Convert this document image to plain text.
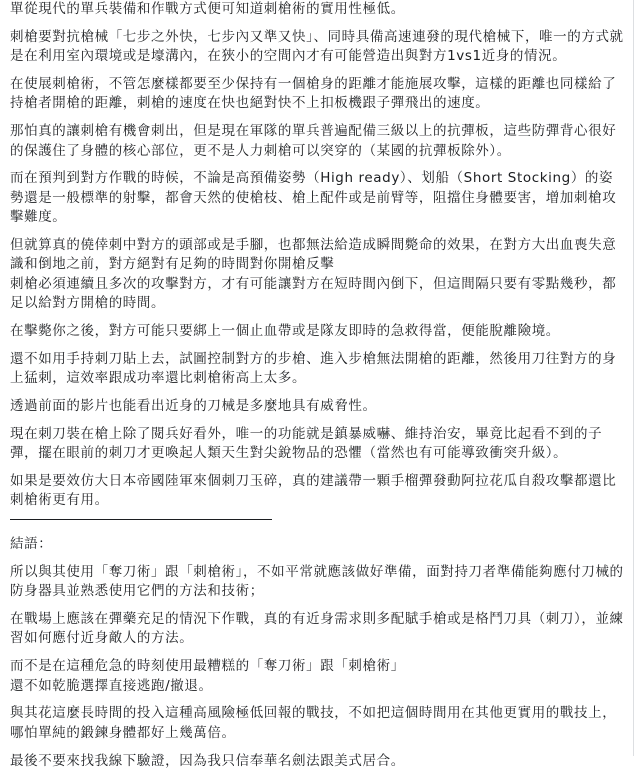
單從現代的單兵裝備和作戰方式便可知道刺槍術的實用性極低。

刺槍要對抗槍械「七步之外快，七步內又準又快」、同時具備高速連發的現代槍械下，唯一的方式就是在利用室內環境或是壕溝內，在狹小的空間內才有可能營造出與對方1vs1近身的情況。

在使展刺槍術，不管怎麼樣都要至少保持有一個槍身的距離才能施展攻擊，這樣的距離也同樣給了持槍者開槍的距離，刺槍的速度在快也絕對快不上扣板機跟子彈飛出的速度。

那怕真的讓刺槍有機會刺出，但是現在軍隊的單兵普遍配備三級以上的抗彈板，這些防彈背心很好的保護住了身體的核心部位，更不是人力刺槍可以突穿的（某國的抗彈板除外）。

而在預判到對方作戰的時候，不論是高預備姿勢（High ready）、划船（Short Stocking）的姿勢還是一般標準的射擊，都會天然的使槍枝、槍上配件或是前臂等，阻擋住身體要害，增加刺槍攻擊難度。

但就算真的僥倖刺中對方的頭部或是手腳，也都無法給造成瞬間斃命的效果，在對方大出血喪失意識和倒地之前，對方絕對有足夠的時間對你開槍反擊
刺槍必須連續且多次的攻擊對方，才有可能讓對方在短時間內倒下，但這間隔只要有零點幾秒，都足以給對方開槍的時間。

在擊斃你之後，對方可能只要綁上一個止血帶或是隊友即時的急救得當，便能脫離險境。

還不如用手持刺刀貼上去，試圖控制對方的步槍、進入步槍無法開槍的距離，然後用刀往對方的身上猛刺，這效率跟成功率還比刺槍術高上太多。

透過前面的影片也能看出近身的刀械是多麼地具有威脅性。

現在刺刀裝在槍上除了閱兵好看外，唯一的功能就是鎮暴威嚇、維持治安，畢竟比起看不到的子彈，擺在眼前的刺刀才更喚起人類天生對尖銳物品的恐懼（當然也有可能導致衝突升級）。

如果是要效仿大日本帝國陸軍來個刺刀玉碎，真的建議帶一顆手榴彈發動阿拉花瓜自殺攻擊都還比刺槍術更有用。

結語：

所以與其使用「奪刀術」跟「刺槍術」，不如平常就應該做好準備，面對持刀者準備能夠應付刀械的防身器具並熟悉使用它們的方法和技術；

在戰場上應該在彈藥充足的情況下作戰，真的有近身需求則多配賦手槍或是格鬥刀具（刺刀），並練習如何應付近身敵人的方法。

而不是在這種危急的時刻使用最糟糕的「奪刀術」跟「刺槍術」
還不如乾脆選擇直接逃跑/撤退。

與其花這麼長時間的投入這種高風險極低回報的戰技，不如把這個時間用在其他更實用的戰技上，哪怕單純的鍛鍊身體都好上幾萬倍。

最後不要來找我線下驗證，因為我只信奉華名劍法跟美式居合。
